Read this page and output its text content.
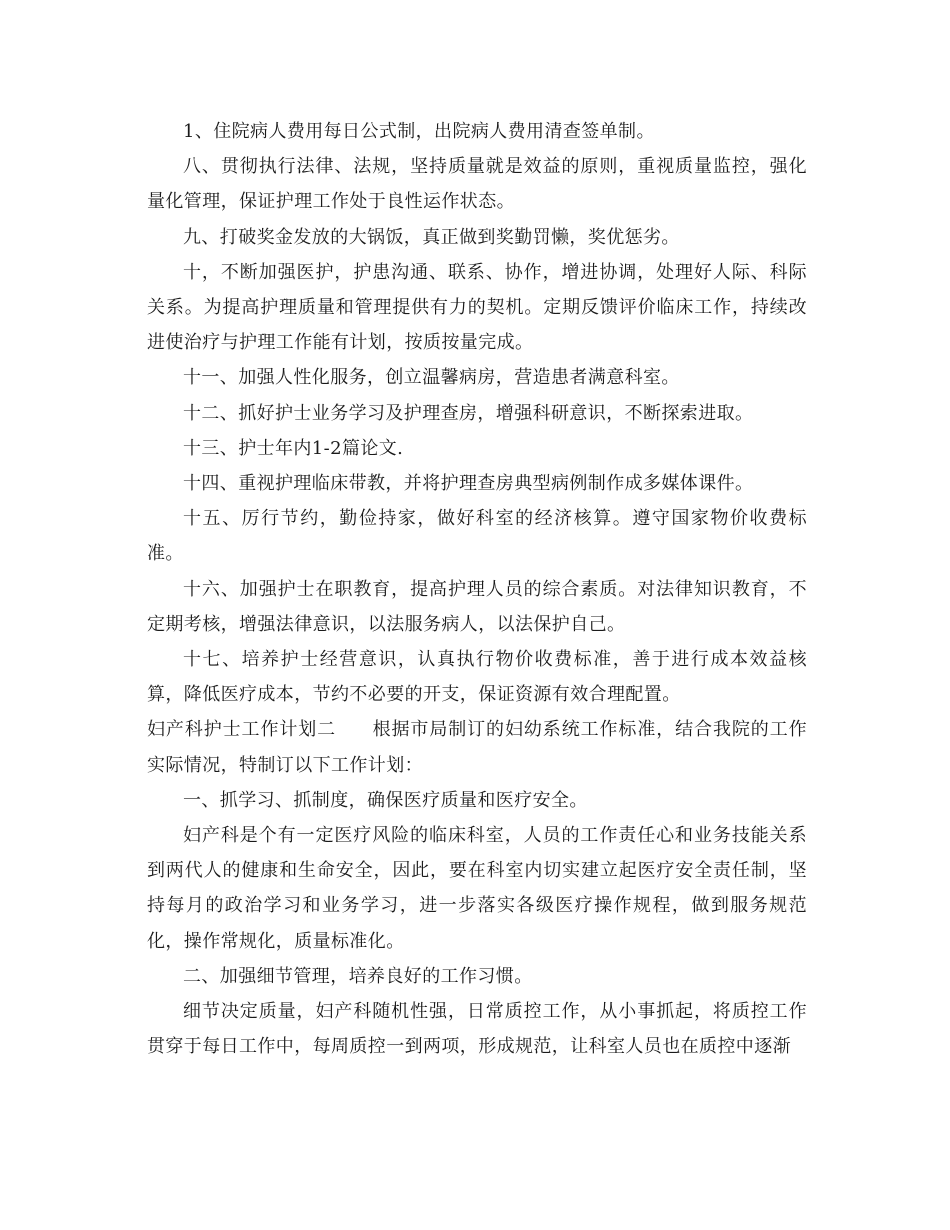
1、住院病人费用每日公式制，出院病人费用清查签单制。

八、贯彻执行法律、法规，坚持质量就是效益的原则，重视质量监控，强化量化管理，保证护理工作处于良性运作状态。

九、打破奖金发放的大锅饭，真正做到奖勤罚懒，奖优惩劣。

十，不断加强医护，护患沟通、联系、协作，增进协调，处理好人际、科际关系。为提高护理质量和管理提供有力的契机。定期反馈评价临床工作，持续改进使治疗与护理工作能有计划，按质按量完成。

十一、加强人性化服务，创立温馨病房，营造患者满意科室。

十二、抓好护士业务学习及护理查房，增强科研意识，不断探索进取。

十三、护士年内1-2篇论文.

十四、重视护理临床带教，并将护理查房典型病例制作成多媒体课件。

十五、厉行节约，勤俭持家，做好科室的经济核算。遵守国家物价收费标准。

十六、加强护士在职教育，提高护理人员的综合素质。对法律知识教育，不定期考核，增强法律意识，以法服务病人，以法保护自己。

十七、培养护士经营意识，认真执行物价收费标准，善于进行成本效益核算，降低医疗成本，节约不必要的开支，保证资源有效合理配置。

妇产科护士工作计划二 根据市局制订的妇幼系统工作标准，结合我院的工作实际情况，特制订以下工作计划：

一、抓学习、抓制度，确保医疗质量和医疗安全。

妇产科是个有一定医疗风险的临床科室，人员的工作责任心和业务技能关系到两代人的健康和生命安全，因此，要在科室内切实建立起医疗安全责任制，坚持每月的政治学习和业务学习，进一步落实各级医疗操作规程，做到服务规范化，操作常规化，质量标准化。

二、加强细节管理，培养良好的工作习惯。

细节决定质量，妇产科随机性强，日常质控工作，从小事抓起，将质控工作贯穿于每日工作中，每周质控一到两项，形成规范，让科室人员也在质控中逐渐
